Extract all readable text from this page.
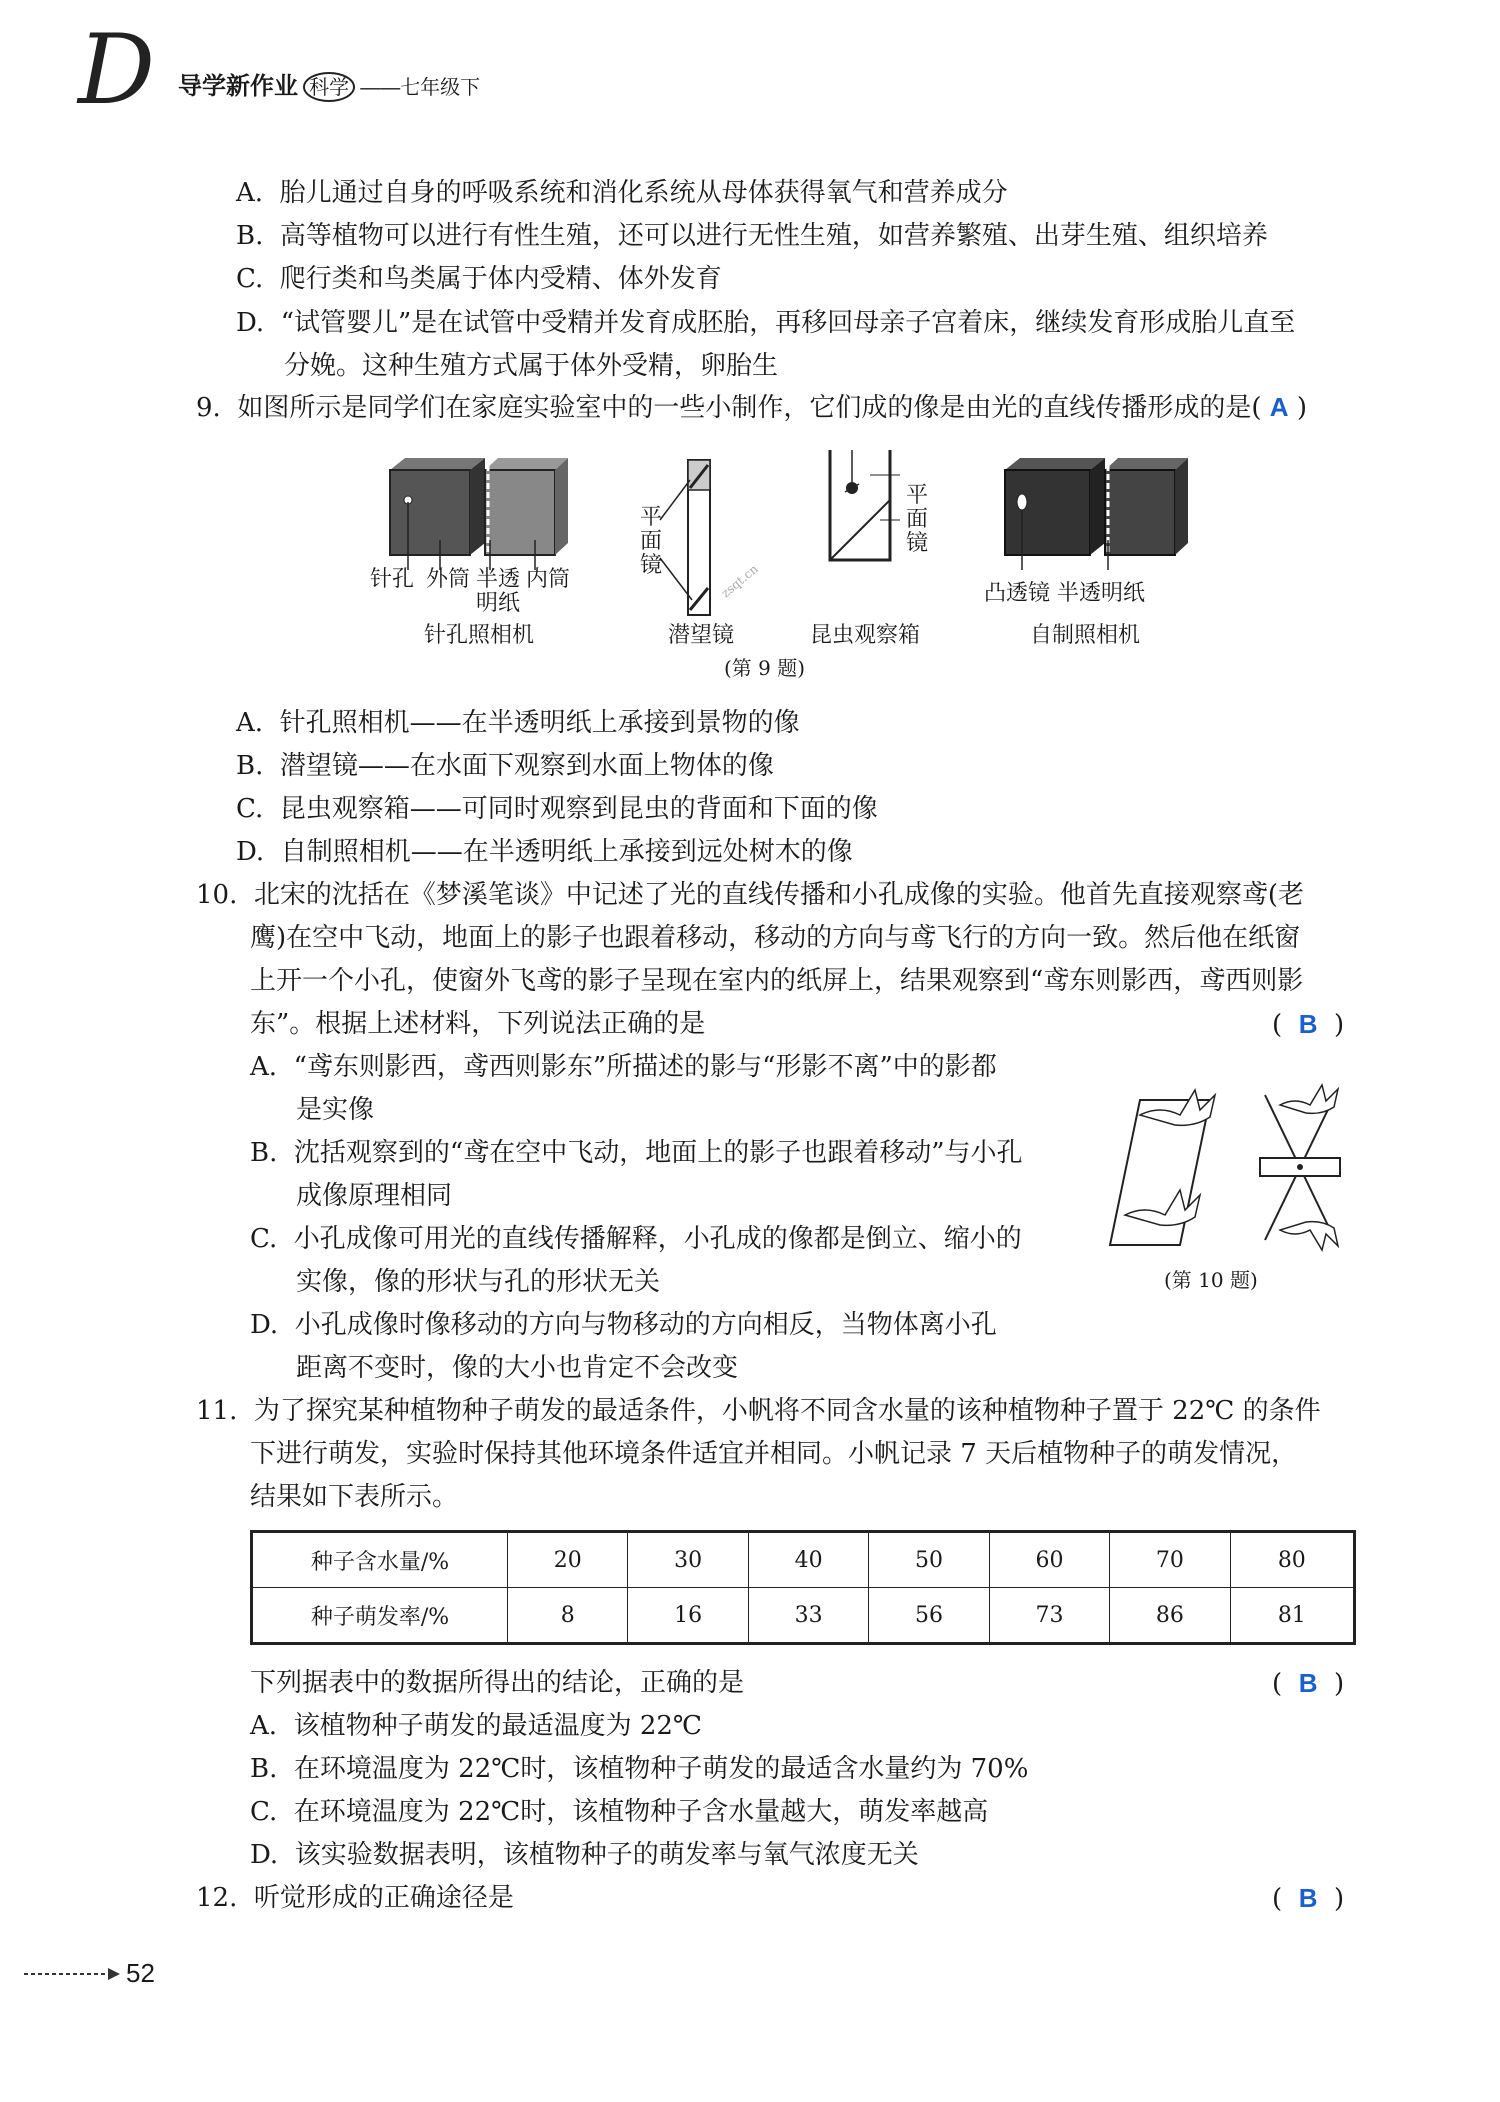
D 导学新作业 科学 ——七年级下
A. 胎儿通过自身的呼吸系统和消化系统从母体获得氧气和营养成分
B. 高等植物可以进行有性生殖，还可以进行无性生殖，如营养繁殖、出芽生殖、组织培养
C. 爬行类和鸟类属于体内受精、体外发育
D. “试管婴儿”是在试管中受精并发育成胚胎，再移回母亲子宫着床，继续发育形成胎儿直至
分娩。这种生殖方式属于体外受精，卵胎生
9. 如图所示是同学们在家庭实验室中的一些小制作，它们成的像是由光的直线传播形成的是( A )
针孔 外筒 半透 内筒
明纸
针孔照相机
平
面
镜	zsqt.cn
潜望镜
平
面
镜
昆虫观察箱
凸透镜 半透明纸
自制照相机
(第 9 题)
A. 针孔照相机——在半透明纸上承接到景物的像
B. 潜望镜——在水面下观察到水面上物体的像
C. 昆虫观察箱——可同时观察到昆虫的背面和下面的像
D. 自制照相机——在半透明纸上承接到远处树木的像
10. 北宋的沈括在《梦溪笔谈》中记述了光的直线传播和小孔成像的实验。他首先直接观察鸢(老
鹰)在空中飞动，地面上的影子也跟着移动，移动的方向与鸢飞行的方向一致。然后他在纸窗
上开一个小孔，使窗外飞鸢的影子呈现在室内的纸屏上，结果观察到“鸢东则影西，鸢西则影
东”。根据上述材料，下列说法正确的是	(  B  )
A. “鸢东则影西，鸢西则影东”所描述的影与“形影不离”中的影都
是实像
B. 沈括观察到的“鸢在空中飞动，地面上的影子也跟着移动”与小孔
成像原理相同
C. 小孔成像可用光的直线传播解释，小孔成的像都是倒立、缩小的
实像，像的形状与孔的形状无关
D. 小孔成像时像移动的方向与物移动的方向相反，当物体离小孔
距离不变时，像的大小也肯定不会改变
(第 10 题)
11. 为了探究某种植物种子萌发的最适条件，小帆将不同含水量的该种植物种子置于 22℃ 的条件
下进行萌发，实验时保持其他环境条件适宜并相同。小帆记录 7 天后植物种子的萌发情况，
结果如下表所示。
种子含水量/%	20	30	40	50	60	70	80
种子萌发率/%	8	16	33	56	73	86	81
下列据表中的数据所得出的结论，正确的是	(  B  )
A. 该植物种子萌发的最适温度为 22℃
B. 在环境温度为 22℃时，该植物种子萌发的最适含水量约为 70%
C. 在环境温度为 22℃时，该植物种子含水量越大，萌发率越高
D. 该实验数据表明，该植物种子的萌发率与氧气浓度无关
12. 听觉形成的正确途径是	(  B  )
52
